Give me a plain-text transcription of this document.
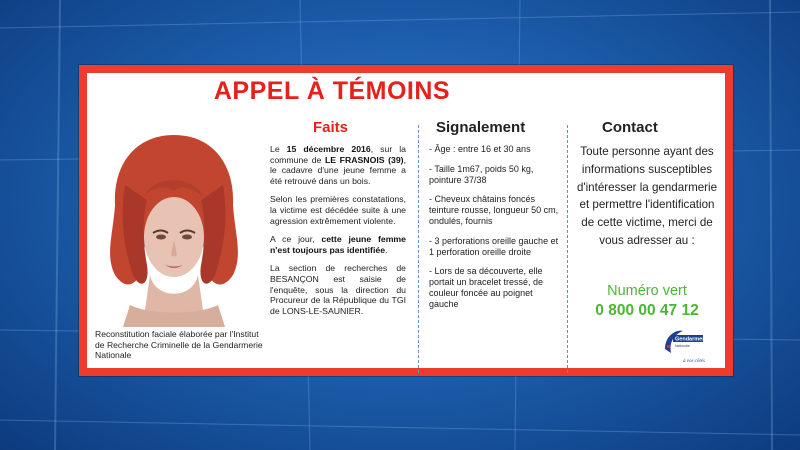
APPEL À TÉMOINS
Reconstitution faciale élaborée par l'Institut de Recherche Criminelle de la Gendarmerie Nationale
Faits	Signalement	Contact

Le 15 décembre 2016, sur la commune de LE FRASNOIS (39), le cadavre d'une jeune femme a été retrouvé dans un bois.

Selon les premières constatations, la victime est décédée suite à une agression extrêmement violente.

A ce jour, cette jeune femme n'est toujours pas identifiée.

La section de recherches de BESANÇON est saisie de l'enquête, sous la direction du Procureur de la République du TGI de LONS-LE-SAUNIER.

- Âge : entre 16 et 30 ans

- Taille 1m67, poids 50 kg, pointure 37/38

- Cheveux châtains foncés teinture rousse, longueur 50 cm, ondulés, fournis

- 3 perforations oreille gauche et 1 perforation oreille droite

- Lors de sa découverte, elle portait un bracelet tressé, de couleur foncée au poignet gauche

Toute personne ayant des informations susceptibles d'intéresser la gendarmerie et permettre l'identification de cette victime, merci de vous adresser au :
Numéro vert
0 800 00 47 12
Gendarmerie
Nationale
à vos côtés
